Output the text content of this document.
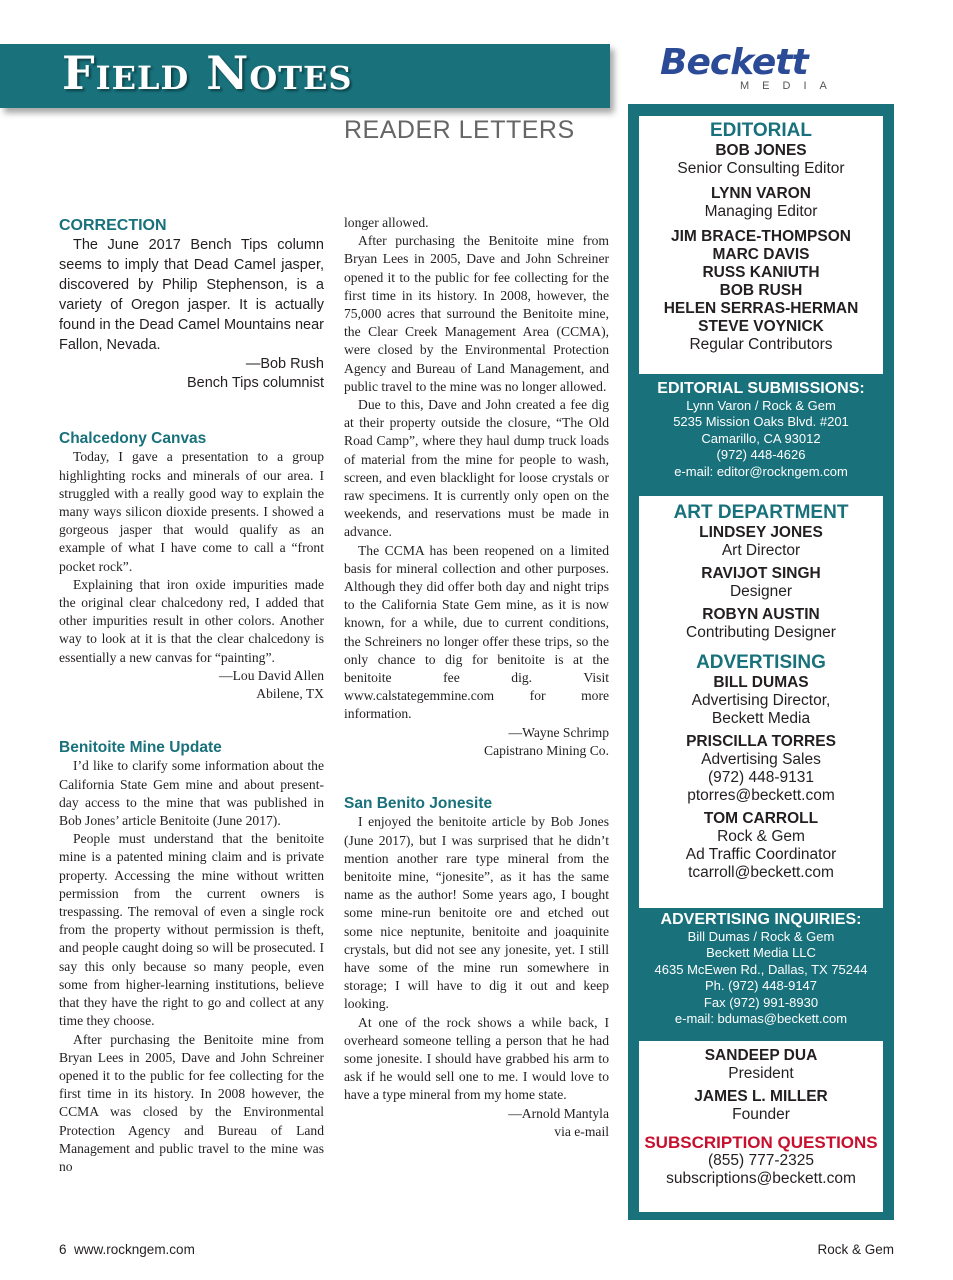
Field Notes	Beckett
MEDIA
READER LETTERS
CORRECTION

The June 2017 Bench Tips column seems to imply that Dead Camel jasper, discovered by Philip Stephenson, is a variety of Oregon jasper. It is actually found in the Dead Camel Mountains near Fallon, Nevada.

—Bob Rush
Bench Tips columnist
Chalcedony Canvas

Today, I gave a presentation to a group highlighting rocks and minerals of our area. I struggled with a really good way to explain the many ways silicon dioxide presents. I showed a gorgeous jasper that would qualify as an example of what I have come to call a “front pocket rock”.

Explaining that iron oxide impurities made the original clear chalcedony red, I added that other impurities result in other colors. Another way to look at it is that the clear chalcedony is essentially a new canvas for “painting”.

—Lou David Allen
Abilene, TX
Benitoite Mine Update

I’d like to clarify some information about the California State Gem mine and about present-day access to the mine that was published in Bob Jones’ article Benitoite (June 2017).

People must understand that the benitoite mine is a patented mining claim and is private property. Accessing the mine without written permission from the current owners is trespassing. The removal of even a single rock from the property without permission is theft, and people caught doing so will be prosecuted. I say this only because so many people, even some from higher-learning institutions, believe that they have the right to go and collect at any time they choose.

After purchasing the Benitoite mine from Bryan Lees in 2005, Dave and John Schreiner opened it to the public for fee collecting for the first time in its history. In 2008 however, the CCMA was closed by the Environmental Protection Agency and Bureau of Land Management and public travel to the mine was no

longer allowed.

After purchasing the Benitoite mine from Bryan Lees in 2005, Dave and John Schreiner opened it to the public for fee collecting for the first time in its history. In 2008, however, the 75,000 acres that surround the Benitoite mine, the Clear Creek Management Area (CCMA), were closed by the Environmental Protection Agency and Bureau of Land Management, and public travel to the mine was no longer allowed.

Due to this, Dave and John created a fee dig at their property outside the closure, “The Old Road Camp”, where they haul dump truck loads of material from the mine for people to wash, screen, and even blacklight for loose crystals or raw specimens. It is currently only open on the weekends, and reservations must be made in advance.

The CCMA has been reopened on a limited basis for mineral collection and other purposes. Although they did offer both day and night trips to the California State Gem mine, as it is now known, for a while, due to current conditions, the Schreiners no longer offer these trips, so the only chance to dig for benitoite is at the benitoite fee dig. Visit www.calstategemmine.com for more information.

—Wayne Schrimp
Capistrano Mining Co.
San Benito Jonesite

I enjoyed the benitoite article by Bob Jones (June 2017), but I was surprised that he didn’t mention another rare type mineral from the benitoite mine, “jonesite”, as it has the same name as the author! Some years ago, I bought some mine-run benitoite ore and etched out some nice neptunite, benitoite and joaquinite crystals, but did not see any jonesite, yet. I still have some of the mine run somewhere in storage; I will have to dig it out and keep looking.

At one of the rock shows a while back, I overheard someone telling a person that he had some jonesite. I should have grabbed his arm to ask if he would sell one to me. I would love to have a type mineral from my home state.

—Arnold Mantyla
via e-mail
EDITORIAL
BOB JONES
Senior Consulting Editor
LYNN VARON
Managing Editor
JIM BRACE-THOMPSON
MARC DAVIS
RUSS KANIUTH
BOB RUSH
HELEN SERRAS-HERMAN
STEVE VOYNICK
Regular Contributors
EDITORIAL SUBMISSIONS:
Lynn Varon / Rock & Gem
5235 Mission Oaks Blvd. #201
Camarillo, CA 93012
(972) 448-4626
e-mail: editor@rockngem.com
ART DEPARTMENT
LINDSEY JONES
Art Director
RAVIJOT SINGH
Designer
ROBYN AUSTIN
Contributing Designer
ADVERTISING
BILL DUMAS
Advertising Director,
Beckett Media
PRISCILLA TORRES
Advertising Sales
(972) 448-9131
ptorres@beckett.com
TOM CARROLL
Rock & Gem
Ad Traffic Coordinator
tcarroll@beckett.com
ADVERTISING INQUIRIES:
Bill Dumas / Rock & Gem
Beckett Media LLC
4635 McEwen Rd., Dallas, TX 75244
Ph. (972) 448-9147
Fax (972) 991-8930
e-mail: bdumas@beckett.com
SANDEEP DUA
President
JAMES L. MILLER
Founder
SUBSCRIPTION QUESTIONS
(855) 777-2325
subscriptions@beckett.com
6 www.rockngem.com	Rock & Gem
